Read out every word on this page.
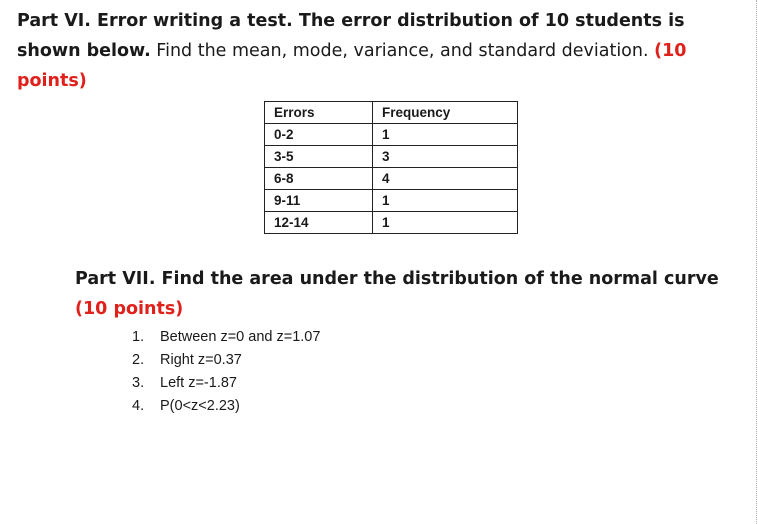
Part VI. Error writing a test. The error distribution of 10 students is shown below. Find the mean, mode, variance, and standard deviation. (10 points)
Errors	Frequency
0-2	1
3-5	3
6-8	4
9-11	1
12-14	1
Part VII. Find the area under the distribution of the normal curve (10 points)
1. Between z=0 and z=1.07
2. Right z=0.37
3. Left z=-1.87
4. P(0<z<2.23)
